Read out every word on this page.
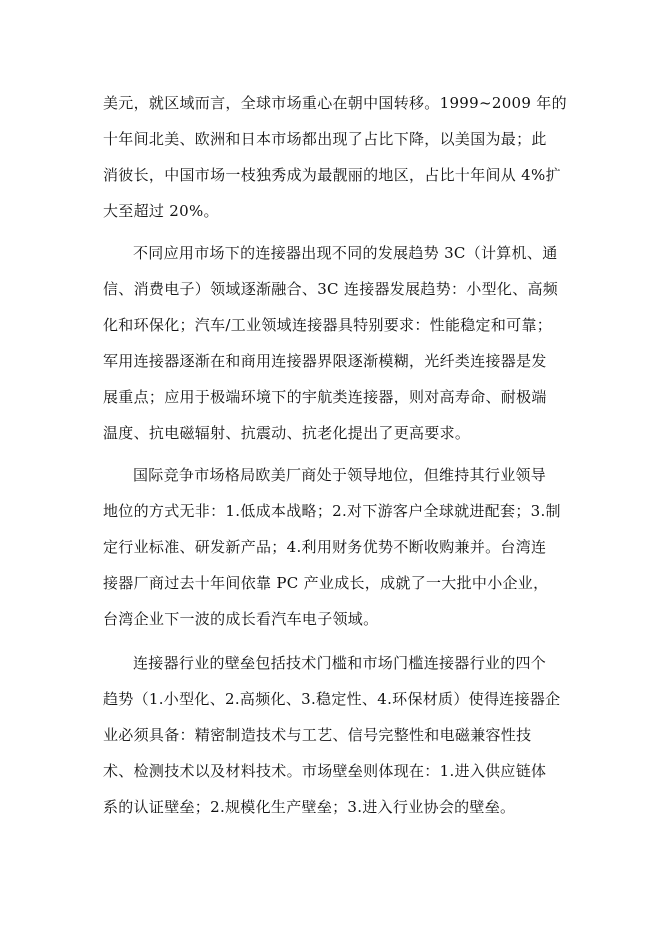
美元，就区域而言，全球市场重心在朝中国转移。1999~2009 年的
十年间北美、欧洲和日本市场都出现了占比下降，以美国为最；此
消彼长，中国市场一枝独秀成为最靓丽的地区，占比十年间从 4%扩
大至超过 20%。
不同应用市场下的连接器出现不同的发展趋势 3C（计算机、通
信、消费电子）领域逐渐融合、3C 连接器发展趋势：小型化、高频
化和环保化；汽车/工业领域连接器具特别要求：性能稳定和可靠；
军用连接器逐渐在和商用连接器界限逐渐模糊，光纤类连接器是发
展重点；应用于极端环境下的宇航类连接器，则对高寿命、耐极端
温度、抗电磁辐射、抗震动、抗老化提出了更高要求。
国际竞争市场格局欧美厂商处于领导地位，但维持其行业领导
地位的方式无非：1.低成本战略；2.对下游客户全球就进配套；3.制
定行业标准、研发新产品；4.利用财务优势不断收购兼并。台湾连
接器厂商过去十年间依靠 PC 产业成长，成就了一大批中小企业，
台湾企业下一波的成长看汽车电子领域。
连接器行业的壁垒包括技术门槛和市场门槛连接器行业的四个
趋势（1.小型化、2.高频化、3.稳定性、4.环保材质）使得连接器企
业必须具备：精密制造技术与工艺、信号完整性和电磁兼容性技
术、检测技术以及材料技术。市场壁垒则体现在：1.进入供应链体
系的认证壁垒；2.规模化生产壁垒；3.进入行业协会的壁垒。
